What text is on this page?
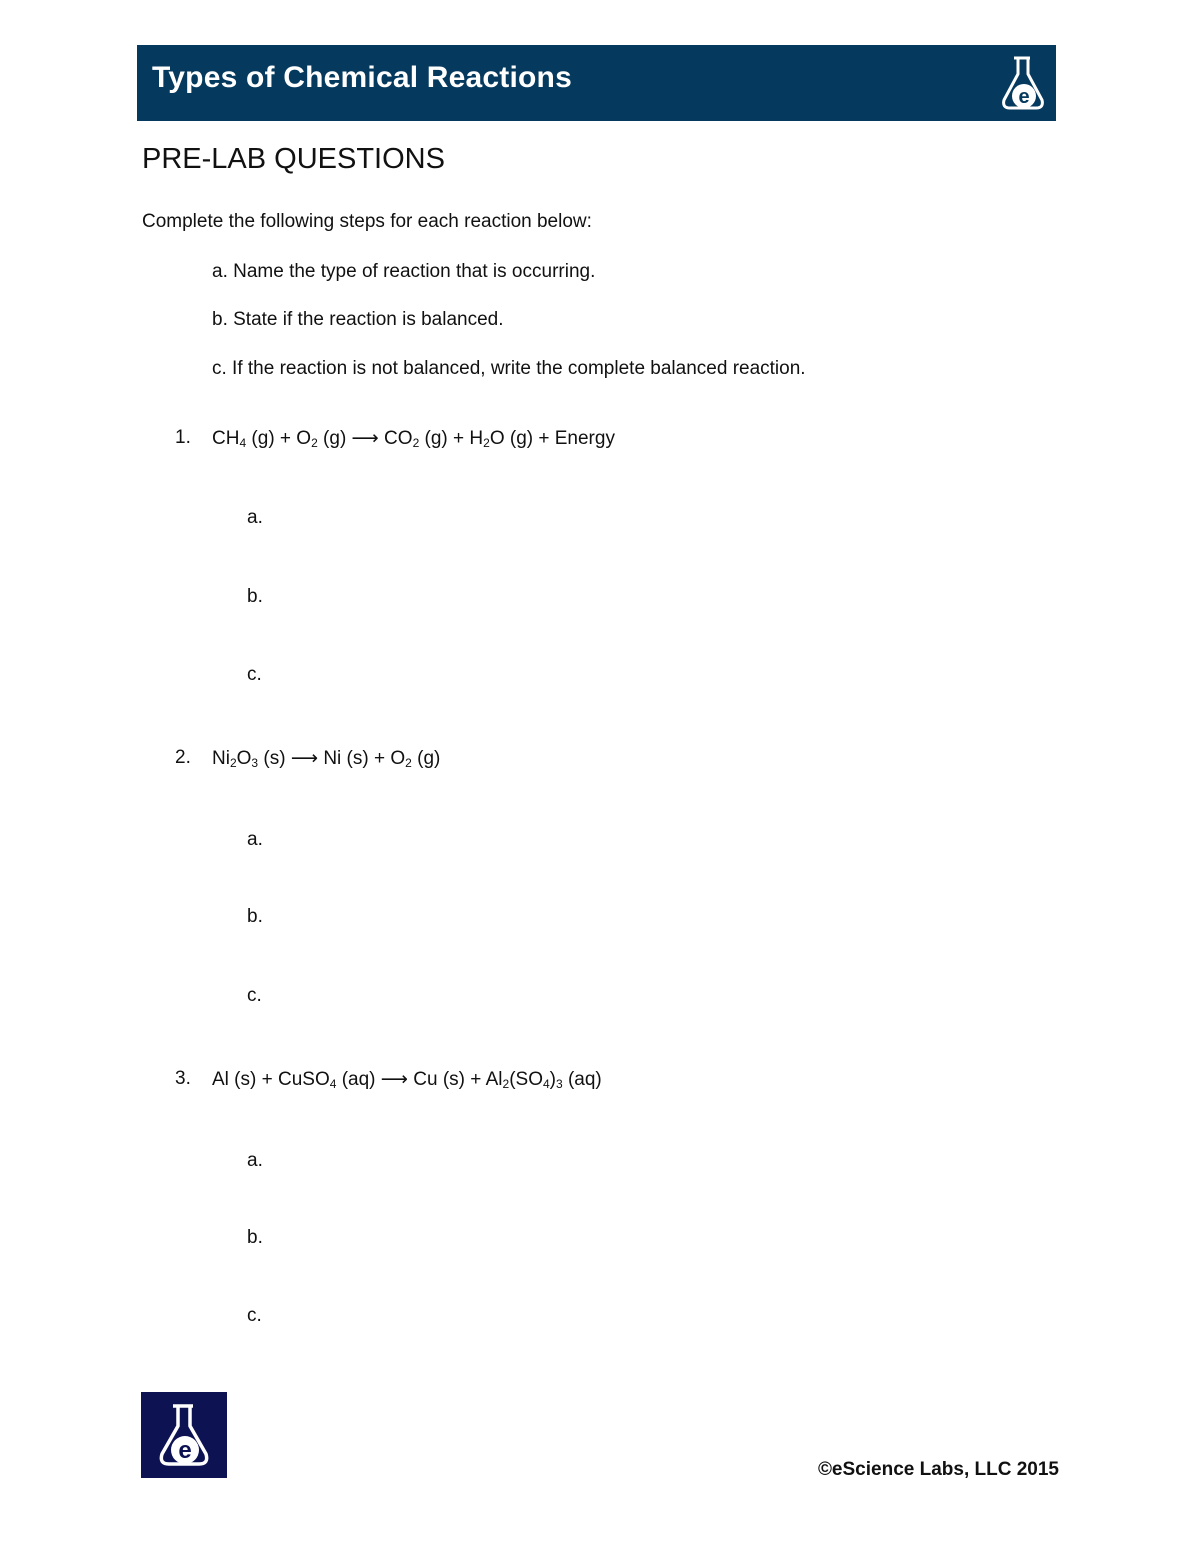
Types of Chemical Reactions
e
PRE-LAB QUESTIONS
Complete the following steps for each reaction below:
a. Name the type of reaction that is occurring.
b. State if the reaction is balanced.
c. If the reaction is not balanced, write the complete balanced reaction.
1. $CH_4$ $(g) + O_2$ (g) ⟶ $CO_2$ $(g) + H_2O$ (g) + Energy
a.
b.
c.
2. $Ni_2O_3$ (s) ⟶ Ni $(s) + O_2$ (g)
a.
b.
c.
3. Al (s) + CuSO$_4$ (aq) ⟶ Cu $(s) + Al_2(SO_4)_3$ (aq)
a.
b.
c.
e
©eScience Labs, LLC 2015
